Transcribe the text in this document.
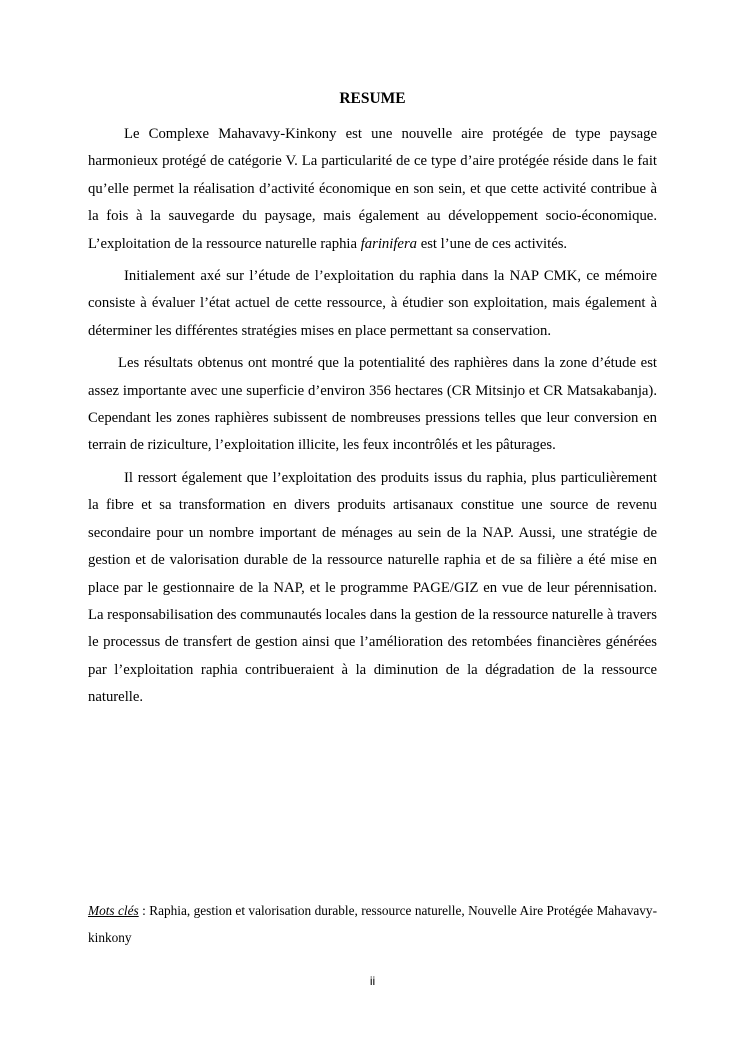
RESUME

Le Complexe Mahavavy-Kinkony est une nouvelle aire protégée de type paysage harmonieux protégé de catégorie V. La particularité de ce type d’aire protégée réside dans le fait qu’elle permet la réalisation d’activité économique en son sein, et que cette activité contribue à la fois à la sauvegarde du paysage, mais également au développement socio-économique. L’exploitation de la ressource naturelle raphia farinifera est l’une de ces activités.

Initialement axé sur l’étude de l’exploitation du raphia dans la NAP CMK, ce mémoire consiste à évaluer l’état actuel de cette ressource, à étudier son exploitation, mais également à déterminer les différentes stratégies mises en place permettant sa conservation.

Les résultats obtenus ont montré que la potentialité des raphières dans la zone d’étude est assez importante avec une superficie d’environ 356 hectares (CR Mitsinjo et CR Matsakabanja). Cependant les zones raphières subissent de nombreuses pressions telles que leur conversion en terrain de riziculture, l’exploitation illicite, les feux incontrôlés et les pâturages.

Il ressort également que l’exploitation des produits issus du raphia, plus particulièrement la fibre et sa transformation en divers produits artisanaux constitue une source de revenu secondaire pour un nombre important de ménages au sein de la NAP. Aussi, une stratégie de gestion et de valorisation durable de la ressource naturelle raphia et de sa filière a été mise en place par le gestionnaire de la NAP, et le programme PAGE/GIZ en vue de leur pérennisation. La responsabilisation des communautés locales dans la gestion de la ressource naturelle à travers le processus de transfert de gestion ainsi que l’amélioration des retombées financières générées par l’exploitation raphia contribueraient à la diminution de la dégradation de la ressource naturelle.

Mots clés : Raphia, gestion et valorisation durable, ressource naturelle, Nouvelle Aire Protégée Mahavavy-kinkony

ii
